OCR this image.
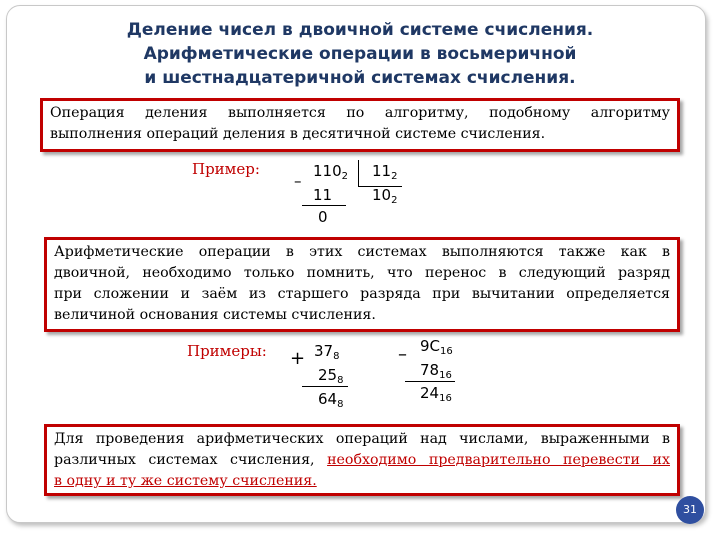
Деление чисел в двоичной системе счисления.
Арифметические операции в восьмеричной
и шестнадцатеричной системах счисления.
Операция деления выполняется по алгоритму, подобному алгоритму
выполнения операций деления в десятичной системе счисления.
Пример:
–
$110_2$ $11_2$
11	$10_2$
0
Арифметические операции в этих системах выполняются также как в
двоичной, необходимо только помнить, что перенос в следующий разряд
при сложении и заём из старшего разряда при вычитании определяется
величиной основания системы счисления.
Примеры: + $37_8$
$25_8$
$64_8$
– $9C_{16}$
$78_{16}$
$24_{16}$
Для проведения арифметических операций над числами, выраженными в
различных системах счисления, необходимо предварительно перевести их
в одну и ту же систему счисления.
31
